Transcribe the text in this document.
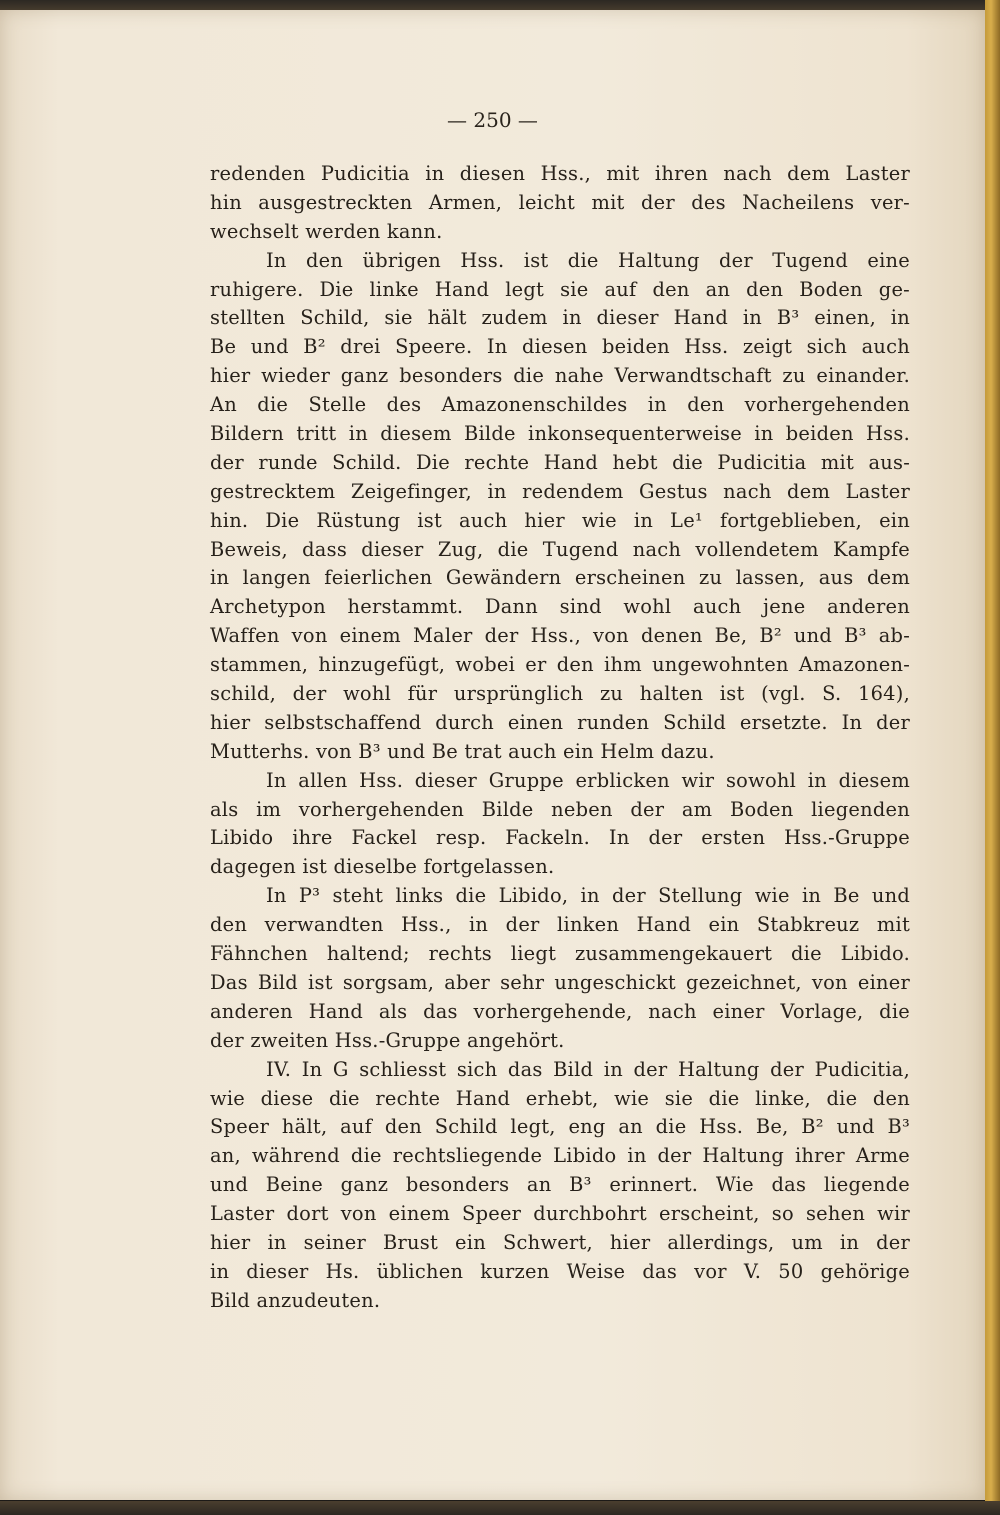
— 250 —
redenden Pudicitia in diesen Hss., mit ihren nach dem Laster
hin ausgestreckten Armen, leicht mit der des Nacheilens ver-
wechselt werden kann.
In den übrigen Hss. ist die Haltung der Tugend eine
ruhigere. Die linke Hand legt sie auf den an den Boden ge-
stellten Schild, sie hält zudem in dieser Hand in B³ einen, in
Be und B² drei Speere. In diesen beiden Hss. zeigt sich auch
hier wieder ganz besonders die nahe Verwandtschaft zu einander.
An die Stelle des Amazonenschildes in den vorhergehenden
Bildern tritt in diesem Bilde inkonsequenterweise in beiden Hss.
der runde Schild. Die rechte Hand hebt die Pudicitia mit aus-
gestrecktem Zeigefinger, in redendem Gestus nach dem Laster
hin. Die Rüstung ist auch hier wie in Le¹ fortgeblieben, ein
Beweis, dass dieser Zug, die Tugend nach vollendetem Kampfe
in langen feierlichen Gewändern erscheinen zu lassen, aus dem
Archetypon herstammt. Dann sind wohl auch jene anderen
Waffen von einem Maler der Hss., von denen Be, B² und B³ ab-
stammen, hinzugefügt, wobei er den ihm ungewohnten Amazonen-
schild, der wohl für ursprünglich zu halten ist (vgl. S. 164),
hier selbstschaffend durch einen runden Schild ersetzte. In der
Mutterhs. von B³ und Be trat auch ein Helm dazu.
In allen Hss. dieser Gruppe erblicken wir sowohl in diesem
als im vorhergehenden Bilde neben der am Boden liegenden
Libido ihre Fackel resp. Fackeln. In der ersten Hss.-Gruppe
dagegen ist dieselbe fortgelassen.
In P³ steht links die Libido, in der Stellung wie in Be und
den verwandten Hss., in der linken Hand ein Stabkreuz mit
Fähnchen haltend; rechts liegt zusammengekauert die Libido.
Das Bild ist sorgsam, aber sehr ungeschickt gezeichnet, von einer
anderen Hand als das vorhergehende, nach einer Vorlage, die
der zweiten Hss.-Gruppe angehört.
IV. In G schliesst sich das Bild in der Haltung der Pudicitia,
wie diese die rechte Hand erhebt, wie sie die linke, die den
Speer hält, auf den Schild legt, eng an die Hss. Be, B² und B³
an, während die rechtsliegende Libido in der Haltung ihrer Arme
und Beine ganz besonders an B³ erinnert. Wie das liegende
Laster dort von einem Speer durchbohrt erscheint, so sehen wir
hier in seiner Brust ein Schwert, hier allerdings, um in der
in dieser Hs. üblichen kurzen Weise das vor V. 50 gehörige
Bild anzudeuten.
